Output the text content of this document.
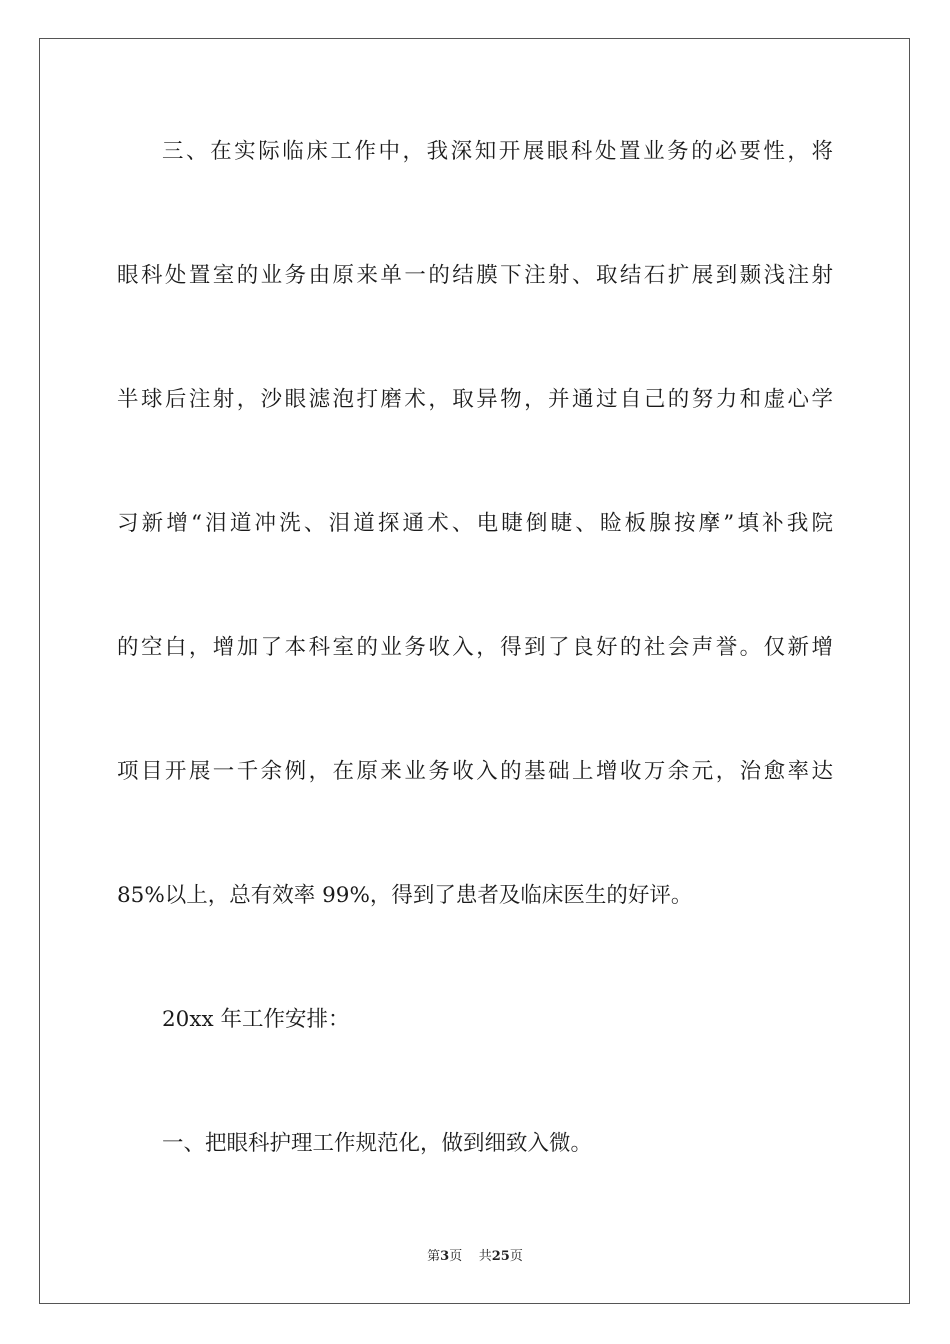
三、在实际临床工作中，我深知开展眼科处置业务的必要性，将
眼科处置室的业务由原来单一的结膜下注射、取结石扩展到颞浅注射
半球后注射，沙眼滤泡打磨术，取异物，并通过自己的努力和虚心学
习新增“泪道冲洗、泪道探通术、电睫倒睫、睑板腺按摩”填补我院
的空白，增加了本科室的业务收入，得到了良好的社会声誉。仅新增
项目开展一千余例，在原来业务收入的基础上增收万余元，治愈率达
85%以上，总有效率 99%，得到了患者及临床医生的好评。
20xx 年工作安排：
一、把眼科护理工作规范化，做到细致入微。
第3页 共25页
